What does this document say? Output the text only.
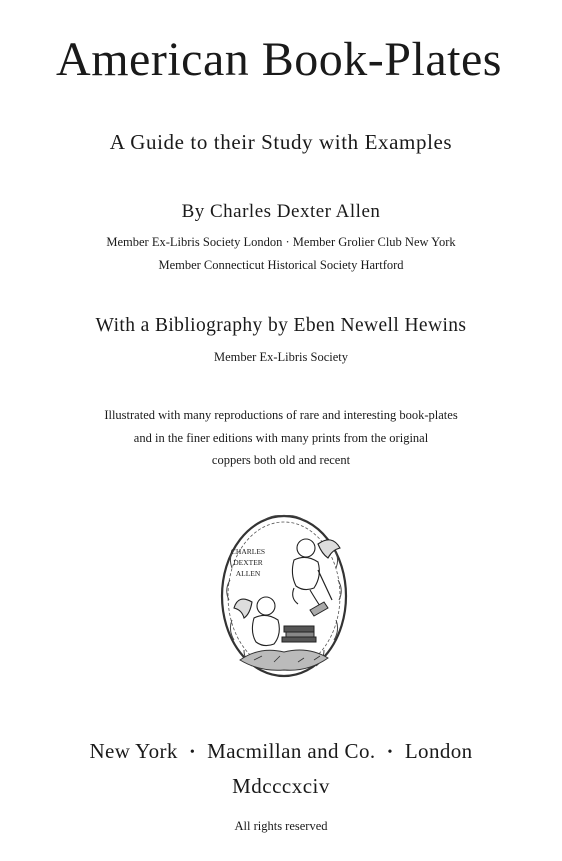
American Book-Plates
A Guide to their Study with Examples
By Charles Dexter Allen
Member Ex-Libris Society London · Member Grolier Club New York
Member Connecticut Historical Society Hartford
With a Bibliography by Eben Newell Hewins
Member Ex-Libris Society
Illustrated with many reproductions of rare and interesting book-plates
and in the finer editions with many prints from the original
coppers both old and recent
CHARLES
DEXTER
ALLEN
New York • Macmillan and Co. • London
Mdcccxciv
All rights reserved
